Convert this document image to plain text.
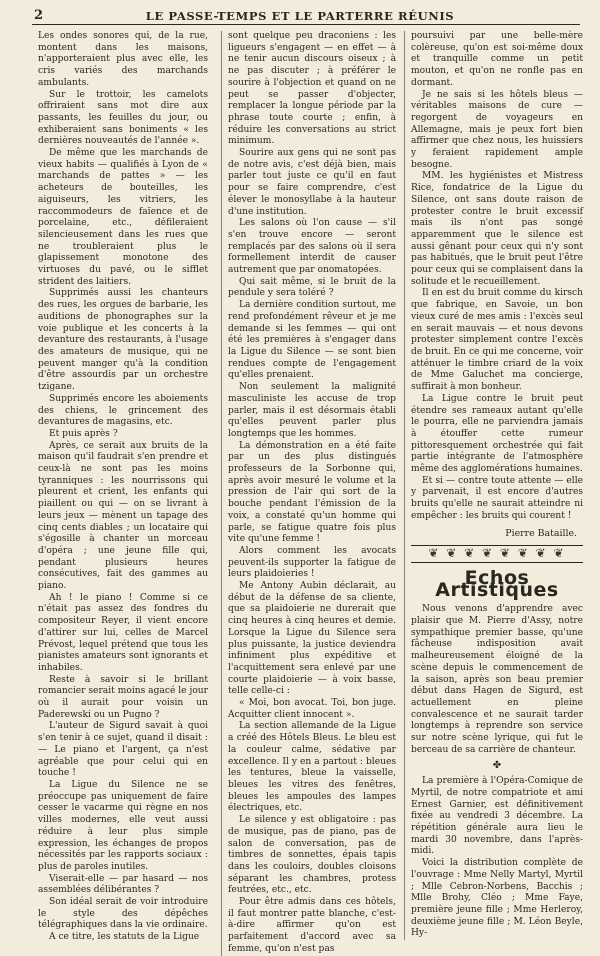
2	LE PASSE-TEMPS ET LE PARTERRE RÉUNIS

Les ondes sonores qui, de la rue, montent dans les maisons, n'apporteraient plus avec elle, les cris variés des marchands ambulants.

Sur le trottoir, les camelots offriraient sans mot dire aux passants, les feuilles du jour, ou exhiberaient sans boniments « les dernières nouveautés de l'année ».

De même que les marchands de vieux habits — qualifiés à Lyon de « marchands de pattes » — les acheteurs de bouteilles, les aiguiseurs, les vitriers, les raccommodeurs de faïence et de porcelaine, etc., défileraient silencieusement dans les rues que ne troubleraient plus le glapissement monotone des virtuoses du pavé, ou le sifflet strident des laitiers.

Supprimés aussi les chanteurs des rues, les orgues de barbarie, les auditions de phonographes sur la voie publique et les concerts à la devanture des restaurants, à l'usage des amateurs de musique, qui ne peuvent manger qu'à la condition d'être assourdis par un orchestre tzigane.

Supprimés encore les aboiements des chiens, le grincement des devantures de magasins, etc.

Et puis après ?

Après, ce serait aux bruits de la maison qu'il faudrait s'en prendre et ceux-là ne sont pas les moins tyranniques : les nourrissons qui pleurent et crient, les enfants qui piaillent ou qui — on se livrant à leurs jeux — mènent un tapage des cinq cents diables ; un locataire qui s'égosille à chanter un morceau d'opéra ; une jeune fille qui, pendant plusieurs heures consécutives, fait des gammes au piano.

Ah ! le piano ! Comme si ce n'était pas assez des fondres du compositeur Reyer, il vient encore d'attirer sur lui, celles de Marcel Prévost, lequel prétend que tous les pianistes amateurs sont ignorants et inhabiles.

Reste à savoir si le brillant romancier serait moins agacé le jour où il aurait pour voisin un Paderewski ou un Pugno ?

L'auteur de Sigurd savait à quoi s'en tenir à ce sujet, quand il disait : — Le piano et l'argent, ça n'est agréable que pour celui qui en touche !

La Ligue du Silence ne se préoccupe pas uniquement de faire cesser le vacarme qui règne en nos villes modernes, elle veut aussi réduire à leur plus simple expression, les échanges de propos nécessités par les rapports sociaux : plus de paroles inutiles.

Viserait-elle — par hasard — nos assemblées délibérantes ?

Son idéal serait de voir introduire le style des dépêches télégraphiques dans la vie ordinaire.

A ce titre, les statuts de la Ligue

sont quelque peu draconiens : les ligueurs s'engagent — en effet — à ne tenir aucun discours oiseux ; à ne pas discuter ; à préférer le sourire à l'objection et quand on ne peut se passer d'objecter, remplacer la longue période par la phrase toute courte ; enfin, à réduire les conversations au strict minimum.

Sourire aux gens qui ne sont pas de notre avis, c'est déjà bien, mais parler tout juste ce qu'il en faut pour se faire comprendre, c'est élever le monosyllabe à la hauteur d'une institution.

Les salons où l'on cause — s'il s'en trouve encore — seront remplacés par des salons où il sera formellement interdit de causer autrement que par onomatopées.

Qui sait même, si le bruit de la pendule y sera toléré ?

La dernière condition surtout, me rend profondément rêveur et je me demande si les femmes — qui ont été les premières à s'engager dans la Ligue du Silence — se sont bien rendues compte de l'engagement qu'elles prenaient.

Non seulement la malignité masculiniste les accuse de trop parler, mais il est désormais établi qu'elles peuvent parler plus longtemps que les hommes.

La démonstration en a été faite par un des plus distingués professeurs de la Sorbonne qui, après avoir mesuré le volume et la pression de l'air qui sort de la bouche pendant l'émission de la voix, a constaté qu'un homme qui parle, se fatigue quatre fois plus vite qu'une femme !

Alors comment les avocats peuvent-ils supporter la fatigue de leurs plaidoieries !

Me Antony Aubin déclarait, au début de la défense de sa cliente, que sa plaidoierie ne durerait que cinq heures à cinq heures et demie. Lorsque la Ligue du Silence sera plus puissante, la justice deviendra infiniment plus expéditive et l'acquittement sera enlevé par une courte plaidoierie — à voix basse, telle celle-ci :

« Moi, bon avocat. Toi, bon juge. Acquitter client innocent ».

La section allemande de la Ligue a créé des Hôtels Bleus. Le bleu est la couleur calme, sédative par excellence. Il y en a partout : bleues les tentures, bleue la vaisselle, bleues les vitres des fenêtres, bleues les ampoules des lampes électriques, etc.

Le silence y est obligatoire : pas de musique, pas de piano, pas de salon de conversation, pas de timbres de sonnettes, épais tapis dans les couloirs, doubles cloisons séparant les chambres, protess feutrées, etc., etc.

Pour être admis dans ces hôtels, il faut montrer patte blanche, c'est-à-dire affirmer qu'on est parfaitement d'accord avec sa femme, qu'on n'est pas

poursuivi par une belle-mère colèreuse, qu'on est soi-même doux et tranquille comme un petit mouton, et qu'on ne ronfle pas en dormant.

Je ne sais si les hôtels bleus — véritables maisons de cure — regorgent de voyageurs en Allemagne, mais je peux fort bien affirmer que chez nous, les huissiers y feraient rapidement ample besogne.

MM. les hygiénistes et Mistress Rice, fondatrice de la Ligue du Silence, ont sans doute raison de protester contre le bruit excessif mais ils n'ont pas songé apparemment que le silence est aussi gênant pour ceux qui n'y sont pas habitués, que le bruit peut l'être pour ceux qui se complaisent dans la solitude et le recueillement.

Il en est du bruit comme du kirsch que fabrique, en Savoie, un bon vieux curé de mes amis : l'excès seul en serait mauvais — et nous devons protester simplement contre l'excès de bruit. En ce qui me concerne, voir atténuer le timbre criard de la voix de Mme Galuchet ma concierge, suffirait à mon bonheur.

La Ligue contre le bruit peut étendre ses rameaux autant qu'elle le pourra, elle ne parviendra jamais à étouffer cette rumeur pittoresquement orchestrée qui fait partie intégrante de l'atmosphère même des agglomérations humaines.

Et si — contre toute attente — elle y parvenait, il est encore d'autres bruits qu'elle ne saurait atteindre ni empêcher : les bruits qui courent !

Pierre Bataille.
❦ ❦ ❦ ❦ ❦ ❦ ❦ ❦
Echos Artistiques

Nous venons d'apprendre avec plaisir que M. Pierre d'Assy, notre sympathique premier basse, qu'une fâcheuse indisposition avait malheureusement éloigné de la scène depuis le commencement de la saison, après son beau premier début dans Hagen de Sigurd, est actuellement en pleine convalescence et ne saurait tarder longtemps à reprendre son service sur notre scène lyrique, qui fut le berceau de sa carrière de chanteur.

✤

La première à l'Opéra-Comique de Myrtil, de notre compatriote et ami Ernest Garnier, est définitivement fixée au vendredi 3 décembre. La répétition générale aura lieu le mardi 30 novembre, dans l'après-midi.

Voici la distribution complète de l'ouvrage : Mme Nelly Martyl, Myrtil ; Mlle Cebron-Norbens, Bacchis ; Mlle Brohy, Cléo ; Mme Faye, première jeune fille ; Mme Herleroy, deuxième jeune fille ; M. Léon Beyle, Hy-
